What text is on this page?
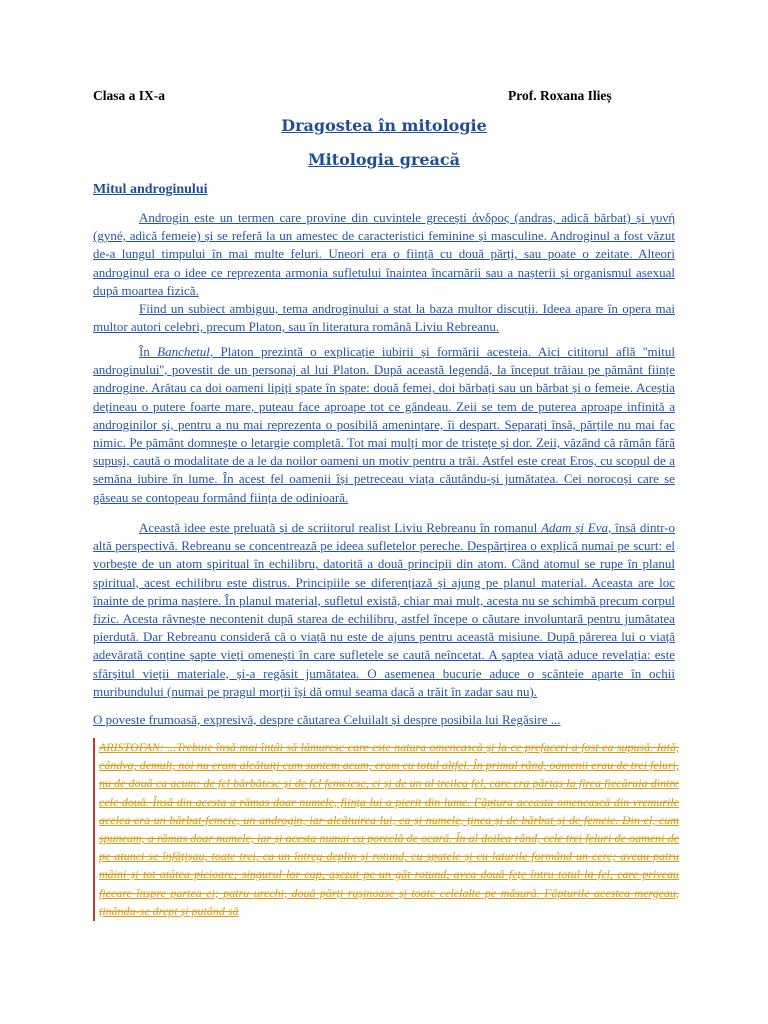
Clasa a IX-a	Prof. Roxana Ilieș
Dragostea în mitologie
Mitologia greacă
Mitul androginului
Androgin este un termen care provine din cuvintele grecești ἀνδρος (andras, adică bărbat) și γυνή (gyné, adică femeie) și se referă la un amestec de caracteristici feminine și masculine. Androginul a fost văzut de-a lungul timpului în mai multe feluri. Uneori era o ființă cu două părți, sau poate o zeitate. Alteori androginul era o idee ce reprezenta armonia sufletului înaintea încarnării sau a nașterii și organismul asexual după moartea fizică.
Fiind un subiect ambiguu, tema androginului a stat la baza multor discuții. Ideea apare în opera mai multor autori celebri, precum Platon, sau în literatura română Liviu Rebreanu.
În Banchetul, Platon prezintă o explicație iubirii și formării acesteia. Aici cititorul află ''mitul androginului'', povestit de un personaj al lui Platon. După această legendă, la început trăiau pe pământ ființe androgine. Arătau ca doi oameni lipiți spate în spate: două femei, doi bărbați sau un bărbat și o femeie. Aceștia dețineau o putere foarte mare, puteau face aproape tot ce gândeau. Zeii se tem de puterea aproape infinită a androginilor și, pentru a nu mai reprezenta o posibilă amenințare, îi despart. Separați însă, părțile nu mai fac nimic. Pe pământ domnește o letargie completă. Tot mai mulți mor de tristețe și dor. Zeii, văzând că rămân fără supuși, caută o modalitate de a le da noilor oameni un motiv pentru a trăi. Astfel este creat Eros, cu scopul de a semăna iubire în lume. În acest fel oamenii își petreceau viața căutându-și jumătatea. Cei norocoși care se găseau se contopeau formând ființa de odinioară.
Această idee este preluată și de scriitorul realist Liviu Rebreanu în romanul Adam și Eva, însă dintr-o altă perspectivă. Rebreanu se concentrează pe ideea sufletelor pereche. Despărțirea o explică numai pe scurt: el vorbește de un atom spiritual în echilibru, datorită a două principii din atom. Când atomul se rupe în planul spiritual, acest echilibru este distrus. Principiile se diferențiază și ajung pe planul material. Aceasta are loc înainte de prima naștere. În planul material, sufletul există, chiar mai mult, acesta nu se schimbă precum corpul fizic. Acesta râvnește necontenit după starea de echilibru, astfel începe o căutare involuntară pentru jumătatea pierdută. Dar Rebreanu consideră că o viață nu este de ajuns pentru această misiune. După părerea lui o viață adevărată conține șapte vieți omenești în care sufletele se caută neîncetat. A șaptea viață aduce revelația: este sfârșitul vieții materiale, și-a regăsit jumătatea. O asemenea bucurie aduce o scânteie aparte în ochii muribundului (numai pe pragul morții își dă omul seama dacă a trăit în zadar sau nu).
O poveste frumoasă, expresivă, despre căutarea Celuilalt și despre posibila lui Regăsire ...
ARISTOFAN: ...Trebuie însă mai întâi să lămuresc care este natura omenească și la ce prefaceri a fost ea supusă. Iată, cândva, demult, noi nu eram alcătuiți cum suntem acum, eram cu totul altfel. În primul rând, oamenii erau de trei feluri, nu de două ca acum: de fel bărbătesc și de fel femeiesc, ci și de un al treilea fel, care era părtaș la firea fiecăruia dintre cele două. Însă din acesta a rămas doar numele, ființa lui a pierit din lume. Făptura aceasta omenească din vremurile acelea era un bărbat-femeie, un androgin, iar alcătuirea lui, ca și numele, ținea și de bărbat și de femeie. Din el, cum spuneam, a rămas doar numele, iar și acesta numai ca poreclă de ocară. În al doilea rând, cele trei feluri de oameni de pe atunci se înfățișau, toate trei, ca un întreg deplin și rotund, cu spatele și cu laturile formând un cerc; aveau patru mâini și tot atâtea picioare; singurul lor cap, așezat pe un gât rotund, avea două fețe întru totul la fel, care priveau fiecare înspre partea ei; patru urechi, două părți rușinoase și toate celelalte pe măsură. Făpturile acestea mergeau, ținându-se drept și putând să
